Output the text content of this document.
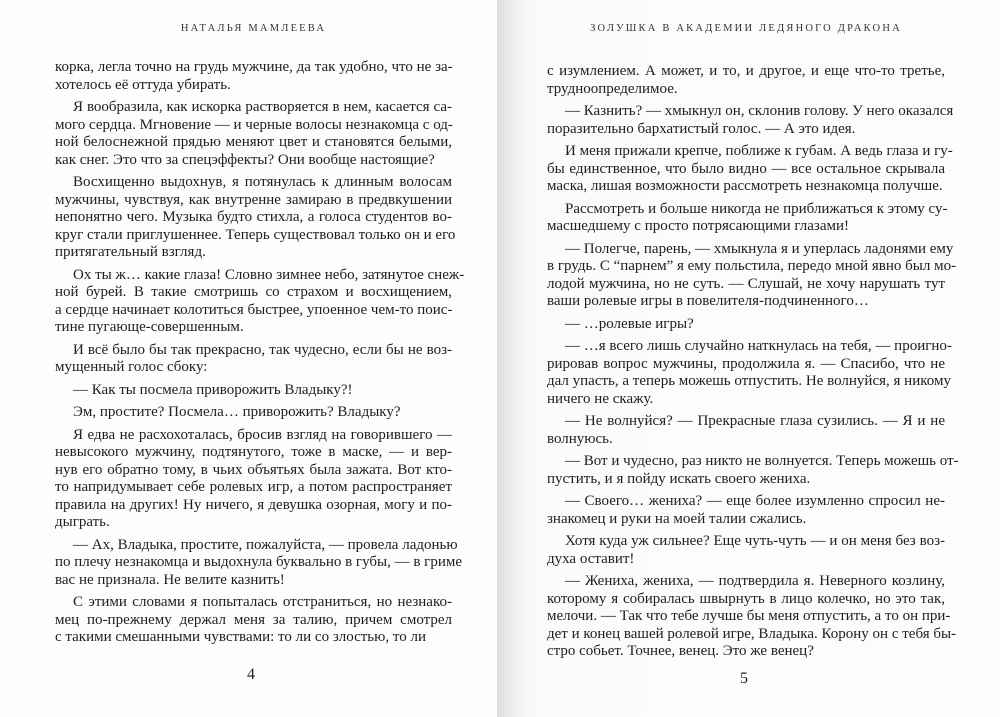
НАТАЛЬЯ МАМЛЕЕВА
корка, легла точно на грудь мужчине, да так удобно, что не за-
хотелось её оттуда убирать.
Я вообразила, как искорка растворяется в нем, касается са-
мого сердца. Мгновение — и черные волосы незнакомца с од-
ной белоснежной прядью меняют цвет и становятся белыми,
как снег. Это что за спецэффекты? Они вообще настоящие?
Восхищенно выдохнув, я потянулась к длинным волосам
мужчины, чувствуя, как внутренне замираю в предвкушении
непонятно чего. Музыка будто стихла, а голоса студентов во-
круг стали приглушеннее. Теперь существовал только он и его
притягательный взгляд.
Ох ты ж… какие глаза! Словно зимнее небо, затянутое снеж-
ной бурей. В такие смотришь со страхом и восхищением,
а сердце начинает колотиться быстрее, упоенное чем-то поис-
тине пугающе-совершенным.
И всё было бы так прекрасно, так чудесно, если бы не воз-
мущенный голос сбоку:
— Как ты посмела приворожить Владыку?!
Эм, простите? Посмела… приворожить? Владыку?
Я едва не расхохоталась, бросив взгляд на говорившего —
невысокого мужчину, подтянутого, тоже в маске, — и вер-
нув его обратно тому, в чьих объятьях была зажата. Вот кто-
то напридумывает себе ролевых игр, а потом распространяет
правила на других! Ну ничего, я девушка озорная, могу и по-
дыграть.
— Ах, Владыка, простите, пожалуйста, — провела ладонью
по плечу незнакомца и выдохнула буквально в губы, — в гриме
вас не признала. Не велите казнить!
С этими словами я попыталась отстраниться, но незнако-
мец по-прежнему держал меня за талию, причем смотрел
с такими смешанными чувствами: то ли со злостью, то ли
4
ЗОЛУШКА В АКАДЕМИИ ЛЕДЯНОГО ДРАКОНА
с изумлением. А может, и то, и другое, и еще что-то третье,
трудноопределимое.
— Казнить? — хмыкнул он, склонив голову. У него оказался
поразительно бархатистый голос. — А это идея.
И меня прижали крепче, поближе к губам. А ведь глаза и гу-
бы единственное, что было видно — все остальное скрывала
маска, лишая возможности рассмотреть незнакомца получше.
Рассмотреть и больше никогда не приближаться к этому су-
масшедшему с просто потрясающими глазами!
— Полегче, парень, — хмыкнула я и уперлась ладонями ему
в грудь. С “парнем” я ему польстила, передо мной явно был мо-
лодой мужчина, но не суть. — Слушай, не хочу нарушать тут
ваши ролевые игры в повелителя-подчиненного…
— …ролевые игры?
— …я всего лишь случайно наткнулась на тебя, — проигно-
рировав вопрос мужчины, продолжила я. — Спасибо, что не
дал упасть, а теперь можешь отпустить. Не волнуйся, я никому
ничего не скажу.
— Не волнуйся? — Прекрасные глаза сузились. — Я и не
волнуюсь.
— Вот и чудесно, раз никто не волнуется. Теперь можешь от-
пустить, и я пойду искать своего жениха.
— Своего… жениха? — еще более изумленно спросил не-
знакомец и руки на моей талии сжались.
Хотя куда уж сильнее? Еще чуть-чуть — и он меня без воз-
духа оставит!
— Жениха, жениха, — подтвердила я. Неверного козлину,
которому я собиралась швырнуть в лицо колечко, но это так,
мелочи. — Так что тебе лучше бы меня отпустить, а то он при-
дет и конец вашей ролевой игре, Владыка. Корону он с тебя бы-
стро собьет. Точнее, венец. Это же венец?
5
